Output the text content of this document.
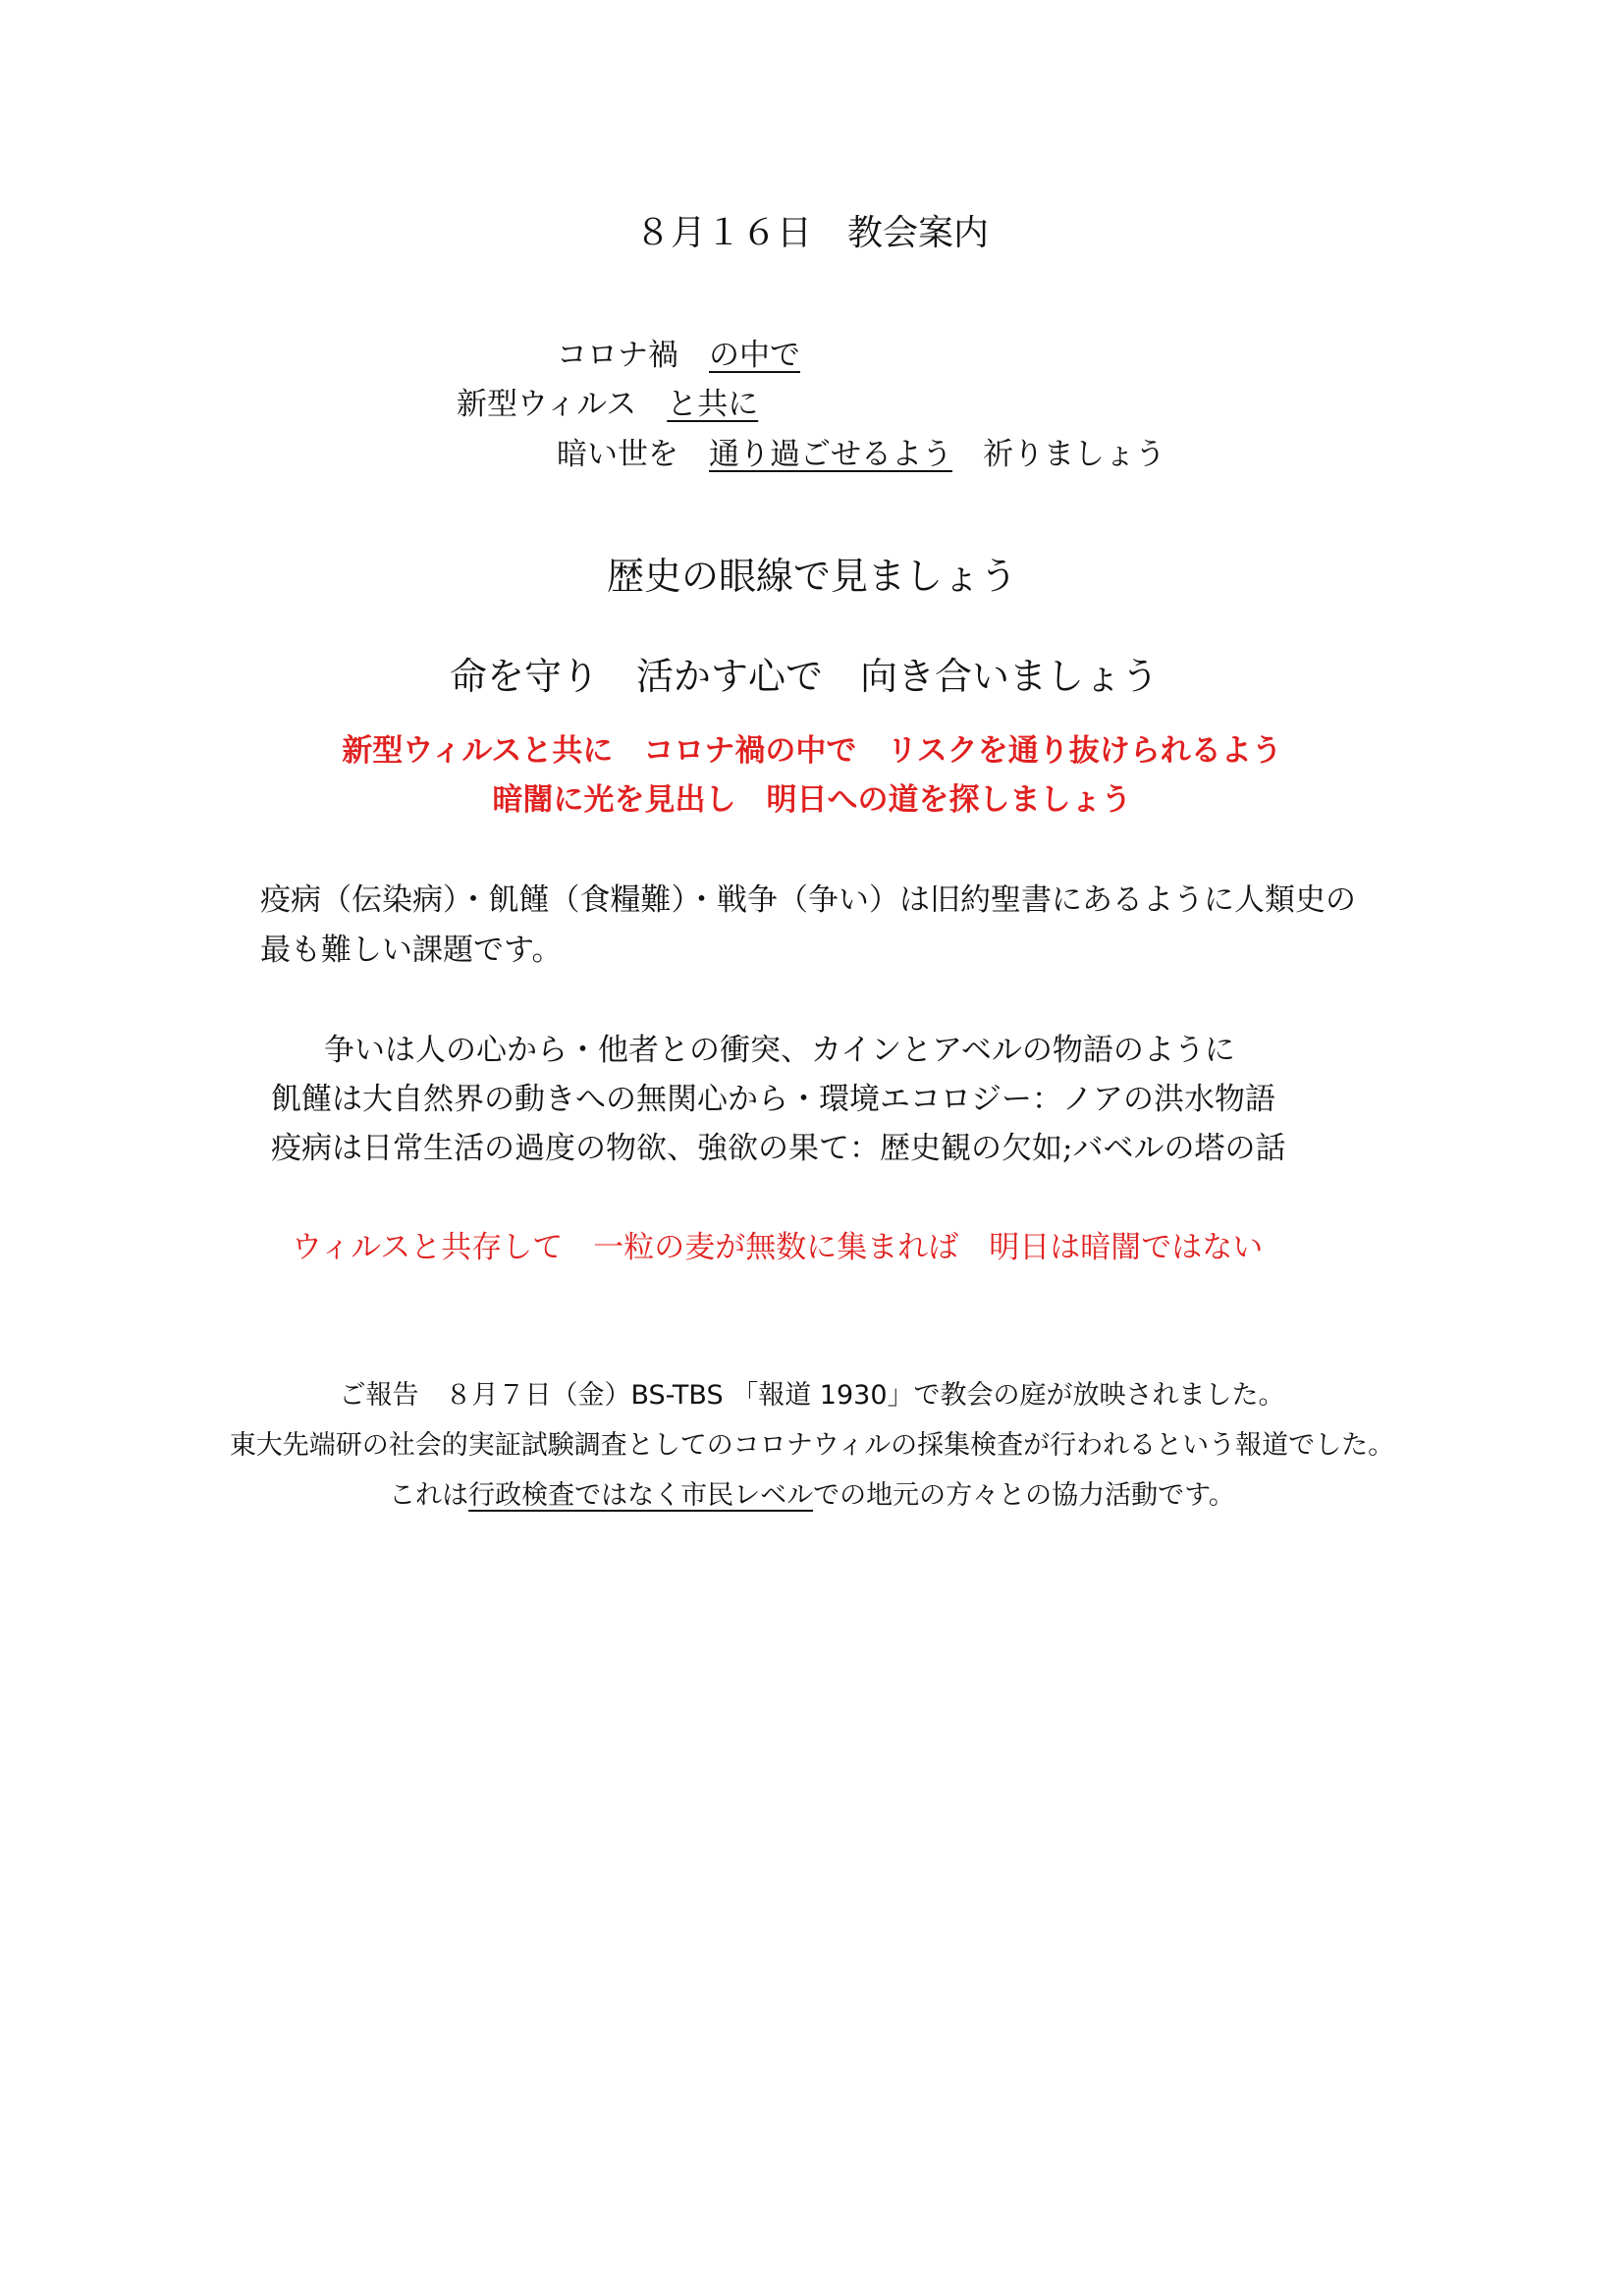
８月１６日　教会案内
コロナ禍　の中で
新型ウィルス　と共に
暗い世を　通り過ごせるよう　祈りましょう
歴史の眼線で見ましょう
命を守り　活かす心で　向き合いましょう
新型ウィルスと共に　コロナ禍の中で　リスクを通り抜けられるよう
暗闇に光を見出し　明日への道を探しましょう
疫病（伝染病）・飢饉（食糧難）・戦争（争い）は旧約聖書にあるように人類史の
最も難しい課題です。
争いは人の心から・他者との衝突、カインとアベルの物語のように
飢饉は大自然界の動きへの無関心から・環境エコロジー：ノアの洪水物語
疫病は日常生活の過度の物欲、強欲の果て：歴史観の欠如;バベルの塔の話
ウィルスと共存して　一粒の麦が無数に集まれば　明日は暗闇ではない
ご報告　８月７日（金）BS-TBS 「報道 1930」で教会の庭が放映されました。
東大先端研の社会的実証試験調査としてのコロナウィルの採集検査が行われるという報道でした。
これは行政検査ではなく市民レベルでの地元の方々との協力活動です。
